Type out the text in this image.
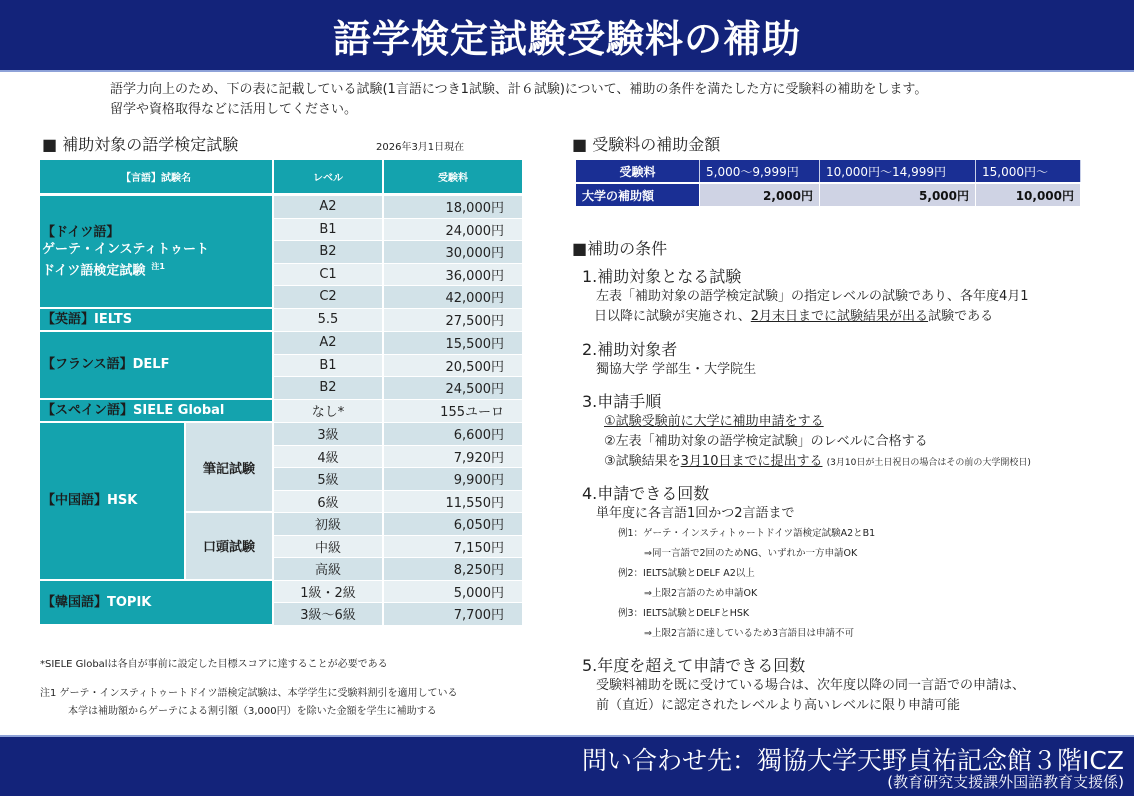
語学検定試験受験料の補助
語学力向上のため、下の表に記載している試験(1言語につき1試験、計６試験)について、補助の条件を満たした方に受験料の補助をします。
留学や資格取得などに活用してください。
■ 補助対象の語学検定試験	2026年3月1日現在
【言語】試験名		レベル	受験料
【ドイツ語】
ゲーテ・インスティトゥート
ドイツ語検定試験 $^{注1}$		A2	18,000円
		B1	24,000円
		B2	30,000円
		C1	36,000円
		C2	42,000円
【英語】IELTS		5.5	27,500円
【フランス語】DELF		A2	15,500円
		B1	20,500円
		B2	24,500円
【スペイン語】SIELE Global		なし*	155ユーロ
【中国語】HSK	筆記試験	3級	6,600円
		4級	7,920円
		5級	9,900円
		6級	11,550円
	口頭試験	初級	6,050円
		中級	7,150円
		高級	8,250円
【韓国語】TOPIK		1級・2級	5,000円
		3級～6級	7,700円
*SIELE Globalは各自が事前に設定した目標スコアに達することが必要である
注1 ゲーテ・インスティトゥートドイツ語検定試験は、本学学生に受験料割引を適用している
本学は補助額からゲーテによる割引額（3,000円）を除いた金額を学生に補助する
■ 受験料の補助金額
受験料	5,000～9,999円	10,000円～14,999円	15,000円～
大学の補助額	2,000円	5,000円	10,000円
■補助の条件
1.補助対象となる試験
左表「補助対象の語学検定試験」の指定レベルの試験であり、各年度4月1
日以降に試験が実施され、2月末日までに試験結果が出る試験である
2.補助対象者
獨協大学 学部生・大学院生
3.申請手順
①試験受験前に大学に補助申請をする
②左表「補助対象の語学検定試験」のレベルに合格する
③試験結果を3月10日までに提出する (3月10日が土日祝日の場合はその前の大学開校日)
4.申請できる回数
単年度に各言語1回かつ2言語まで
例1：ゲーテ・インスティトゥートドイツ語検定試験A2とB1
⇒同一言語で2回のためNG、いずれか一方申請OK
例2：IELTS試験とDELF A2以上
⇒上限2言語のため申請OK
例3：IELTS試験とDELFとHSK
⇒上限2言語に達しているため3言語目は申請不可
5.年度を超えて申請できる回数
受験料補助を既に受けている場合は、次年度以降の同一言語での申請は、
前（直近）に認定されたレベルより高いレベルに限り申請可能
問い合わせ先：獨協大学天野貞祐記念館３階ICZ
(教育研究支援課外国語教育支援係)
